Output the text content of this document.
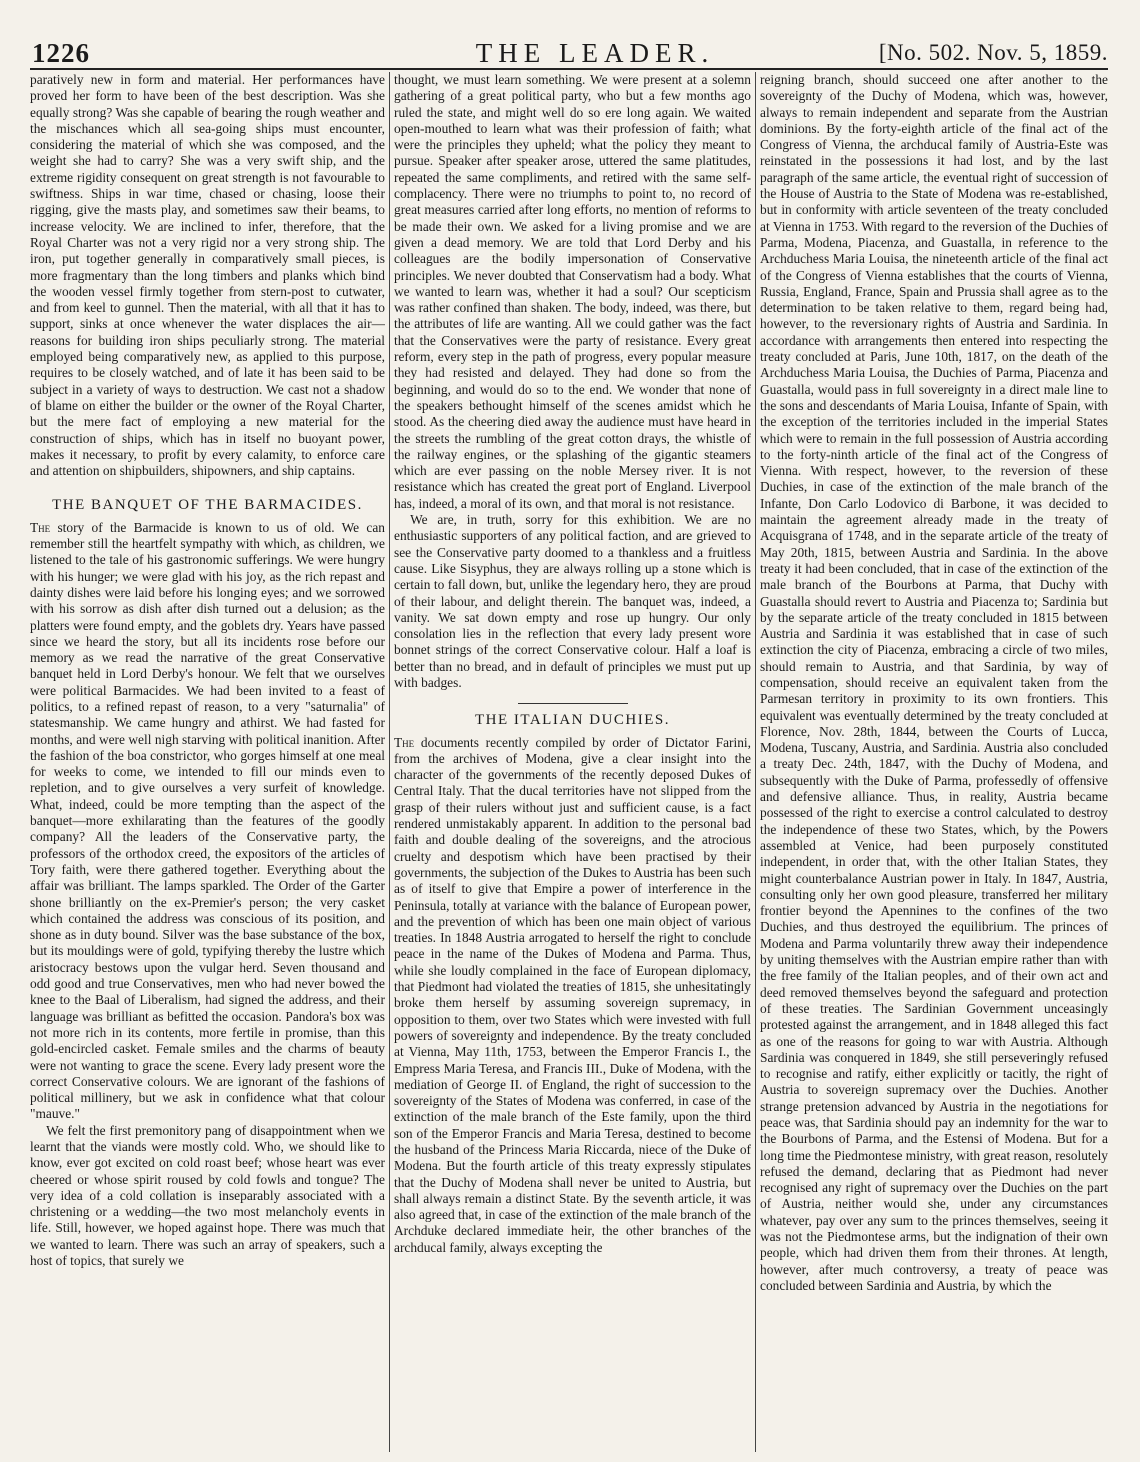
1226	THE LEADER.	[No. 502. Nov. 5, 1859.

paratively new in form and material. Her performances have proved her form to have been of the best description. Was she equally strong? Was she capable of bearing the rough weather and the mischances which all sea-going ships must encounter, considering the material of which she was composed, and the weight she had to carry? She was a very swift ship, and the extreme rigidity consequent on great strength is not favourable to swiftness. Ships in war time, chased or chasing, loose their rigging, give the masts play, and sometimes saw their beams, to increase velocity. We are inclined to infer, therefore, that the Royal Charter was not a very rigid nor a very strong ship. The iron, put together generally in comparatively small pieces, is more fragmentary than the long timbers and planks which bind the wooden vessel firmly together from stern-post to cutwater, and from keel to gunnel. Then the material, with all that it has to support, sinks at once whenever the water displaces the air—reasons for building iron ships peculiarly strong. The material employed being comparatively new, as applied to this purpose, requires to be closely watched, and of late it has been said to be subject in a variety of ways to destruction. We cast not a shadow of blame on either the builder or the owner of the Royal Charter, but the mere fact of employing a new material for the construction of ships, which has in itself no buoyant power, makes it necessary, to profit by every calamity, to enforce care and attention on shipbuilders, shipowners, and ship captains.

THE BANQUET OF THE BARMACIDES.

The story of the Barmacide is known to us of old. We can remember still the heartfelt sympathy with which, as children, we listened to the tale of his gastronomic sufferings. We were hungry with his hunger; we were glad with his joy, as the rich repast and dainty dishes were laid before his longing eyes; and we sorrowed with his sorrow as dish after dish turned out a delusion; as the platters were found empty, and the goblets dry. Years have passed since we heard the story, but all its incidents rose before our memory as we read the narrative of the great Conservative banquet held in Lord Derby's honour. We felt that we ourselves were political Barmacides. We had been invited to a feast of politics, to a refined repast of reason, to a very "saturnalia" of statesmanship. We came hungry and athirst. We had fasted for months, and were well nigh starving with political inanition. After the fashion of the boa constrictor, who gorges himself at one meal for weeks to come, we intended to fill our minds even to repletion, and to give ourselves a very surfeit of knowledge. What, indeed, could be more tempting than the aspect of the banquet—more exhilarating than the features of the goodly company? All the leaders of the Conservative party, the professors of the orthodox creed, the expositors of the articles of Tory faith, were there gathered together. Everything about the affair was brilliant. The lamps sparkled. The Order of the Garter shone brilliantly on the ex-Premier's person; the very casket which contained the address was conscious of its position, and shone as in duty bound. Silver was the base substance of the box, but its mouldings were of gold, typifying thereby the lustre which aristocracy bestows upon the vulgar herd. Seven thousand and odd good and true Conservatives, men who had never bowed the knee to the Baal of Liberalism, had signed the address, and their language was brilliant as befitted the occasion. Pandora's box was not more rich in its contents, more fertile in promise, than this gold-encircled casket. Female smiles and the charms of beauty were not wanting to grace the scene. Every lady present wore the correct Conservative colours. We are ignorant of the fashions of political millinery, but we ask in confidence what that colour "mauve."

We felt the first premonitory pang of disappointment when we learnt that the viands were mostly cold. Who, we should like to know, ever got excited on cold roast beef; whose heart was ever cheered or whose spirit roused by cold fowls and tongue? The very idea of a cold collation is inseparably associated with a christening or a wedding—the two most melancholy events in life. Still, however, we hoped against hope. There was much that we wanted to learn. There was such an array of speakers, such a host of topics, that surely we

thought, we must learn something. We were present at a solemn gathering of a great political party, who but a few months ago ruled the state, and might well do so ere long again. We waited open-mouthed to learn what was their profession of faith; what were the principles they upheld; what the policy they meant to pursue. Speaker after speaker arose, uttered the same platitudes, repeated the same compliments, and retired with the same self-complacency. There were no triumphs to point to, no record of great measures carried after long efforts, no mention of reforms to be made their own. We asked for a living promise and we are given a dead memory. We are told that Lord Derby and his colleagues are the bodily impersonation of Conservative principles. We never doubted that Conservatism had a body. What we wanted to learn was, whether it had a soul? Our scepticism was rather confined than shaken. The body, indeed, was there, but the attributes of life are wanting. All we could gather was the fact that the Conservatives were the party of resistance. Every great reform, every step in the path of progress, every popular measure they had resisted and delayed. They had done so from the beginning, and would do so to the end. We wonder that none of the speakers bethought himself of the scenes amidst which he stood. As the cheering died away the audience must have heard in the streets the rumbling of the great cotton drays, the whistle of the railway engines, or the splashing of the gigantic steamers which are ever passing on the noble Mersey river. It is not resistance which has created the great port of England. Liverpool has, indeed, a moral of its own, and that moral is not resistance.

We are, in truth, sorry for this exhibition. We are no enthusiastic supporters of any political faction, and are grieved to see the Conservative party doomed to a thankless and a fruitless cause. Like Sisyphus, they are always rolling up a stone which is certain to fall down, but, unlike the legendary hero, they are proud of their labour, and delight therein. The banquet was, indeed, a vanity. We sat down empty and rose up hungry. Our only consolation lies in the reflection that every lady present wore bonnet strings of the correct Conservative colour. Half a loaf is better than no bread, and in default of principles we must put up with badges.

THE ITALIAN DUCHIES.

The documents recently compiled by order of Dictator Farini, from the archives of Modena, give a clear insight into the character of the governments of the recently deposed Dukes of Central Italy. That the ducal territories have not slipped from the grasp of their rulers without just and sufficient cause, is a fact rendered unmistakably apparent. In addition to the personal bad faith and double dealing of the sovereigns, and the atrocious cruelty and despotism which have been practised by their governments, the subjection of the Dukes to Austria has been such as of itself to give that Empire a power of interference in the Peninsula, totally at variance with the balance of European power, and the prevention of which has been one main object of various treaties. In 1848 Austria arrogated to herself the right to conclude peace in the name of the Dukes of Modena and Parma. Thus, while she loudly complained in the face of European diplomacy, that Piedmont had violated the treaties of 1815, she unhesitatingly broke them herself by assuming sovereign supremacy, in opposition to them, over two States which were invested with full powers of sovereignty and independence. By the treaty concluded at Vienna, May 11th, 1753, between the Emperor Francis I., the Empress Maria Teresa, and Francis III., Duke of Modena, with the mediation of George II. of England, the right of succession to the sovereignty of the States of Modena was conferred, in case of the extinction of the male branch of the Este family, upon the third son of the Emperor Francis and Maria Teresa, destined to become the husband of the Princess Maria Riccarda, niece of the Duke of Modena. But the fourth article of this treaty expressly stipulates that the Duchy of Modena shall never be united to Austria, but shall always remain a distinct State. By the seventh article, it was also agreed that, in case of the extinction of the male branch of the Archduke declared immediate heir, the other branches of the archducal family, always excepting the

reigning branch, should succeed one after another to the sovereignty of the Duchy of Modena, which was, however, always to remain independent and separate from the Austrian dominions. By the forty-eighth article of the final act of the Congress of Vienna, the archducal family of Austria-Este was reinstated in the possessions it had lost, and by the last paragraph of the same article, the eventual right of succession of the House of Austria to the State of Modena was re-established, but in conformity with article seventeen of the treaty concluded at Vienna in 1753. With regard to the reversion of the Duchies of Parma, Modena, Piacenza, and Guastalla, in reference to the Archduchess Maria Louisa, the nineteenth article of the final act of the Congress of Vienna establishes that the courts of Vienna, Russia, England, France, Spain and Prussia shall agree as to the determination to be taken relative to them, regard being had, however, to the reversionary rights of Austria and Sardinia. In accordance with arrangements then entered into respecting the treaty concluded at Paris, June 10th, 1817, on the death of the Archduchess Maria Louisa, the Duchies of Parma, Piacenza and Guastalla, would pass in full sovereignty in a direct male line to the sons and descendants of Maria Louisa, Infante of Spain, with the exception of the territories included in the imperial States which were to remain in the full possession of Austria according to the forty-ninth article of the final act of the Congress of Vienna. With respect, however, to the reversion of these Duchies, in case of the extinction of the male branch of the Infante, Don Carlo Lodovico di Barbone, it was decided to maintain the agreement already made in the treaty of Acquisgrana of 1748, and in the separate article of the treaty of May 20th, 1815, between Austria and Sardinia. In the above treaty it had been concluded, that in case of the extinction of the male branch of the Bourbons at Parma, that Duchy with Guastalla should revert to Austria and Piacenza to; Sardinia but by the separate article of the treaty concluded in 1815 between Austria and Sardinia it was established that in case of such extinction the city of Piacenza, embracing a circle of two miles, should remain to Austria, and that Sardinia, by way of compensation, should receive an equivalent taken from the Parmesan territory in proximity to its own frontiers. This equivalent was eventually determined by the treaty concluded at Florence, Nov. 28th, 1844, between the Courts of Lucca, Modena, Tuscany, Austria, and Sardinia. Austria also concluded a treaty Dec. 24th, 1847, with the Duchy of Modena, and subsequently with the Duke of Parma, professedly of offensive and defensive alliance. Thus, in reality, Austria became possessed of the right to exercise a control calculated to destroy the independence of these two States, which, by the Powers assembled at Venice, had been purposely constituted independent, in order that, with the other Italian States, they might counterbalance Austrian power in Italy. In 1847, Austria, consulting only her own good pleasure, transferred her military frontier beyond the Apennines to the confines of the two Duchies, and thus destroyed the equilibrium. The princes of Modena and Parma voluntarily threw away their independence by uniting themselves with the Austrian empire rather than with the free family of the Italian peoples, and of their own act and deed removed themselves beyond the safeguard and protection of these treaties. The Sardinian Government unceasingly protested against the arrangement, and in 1848 alleged this fact as one of the reasons for going to war with Austria. Although Sardinia was conquered in 1849, she still perseveringly refused to recognise and ratify, either explicitly or tacitly, the right of Austria to sovereign supremacy over the Duchies. Another strange pretension advanced by Austria in the negotiations for peace was, that Sardinia should pay an indemnity for the war to the Bourbons of Parma, and the Estensi of Modena. But for a long time the Piedmontese ministry, with great reason, resolutely refused the demand, declaring that as Piedmont had never recognised any right of supremacy over the Duchies on the part of Austria, neither would she, under any circumstances whatever, pay over any sum to the princes themselves, seeing it was not the Piedmontese arms, but the indignation of their own people, which had driven them from their thrones. At length, however, after much controversy, a treaty of peace was concluded between Sardinia and Austria, by which the
